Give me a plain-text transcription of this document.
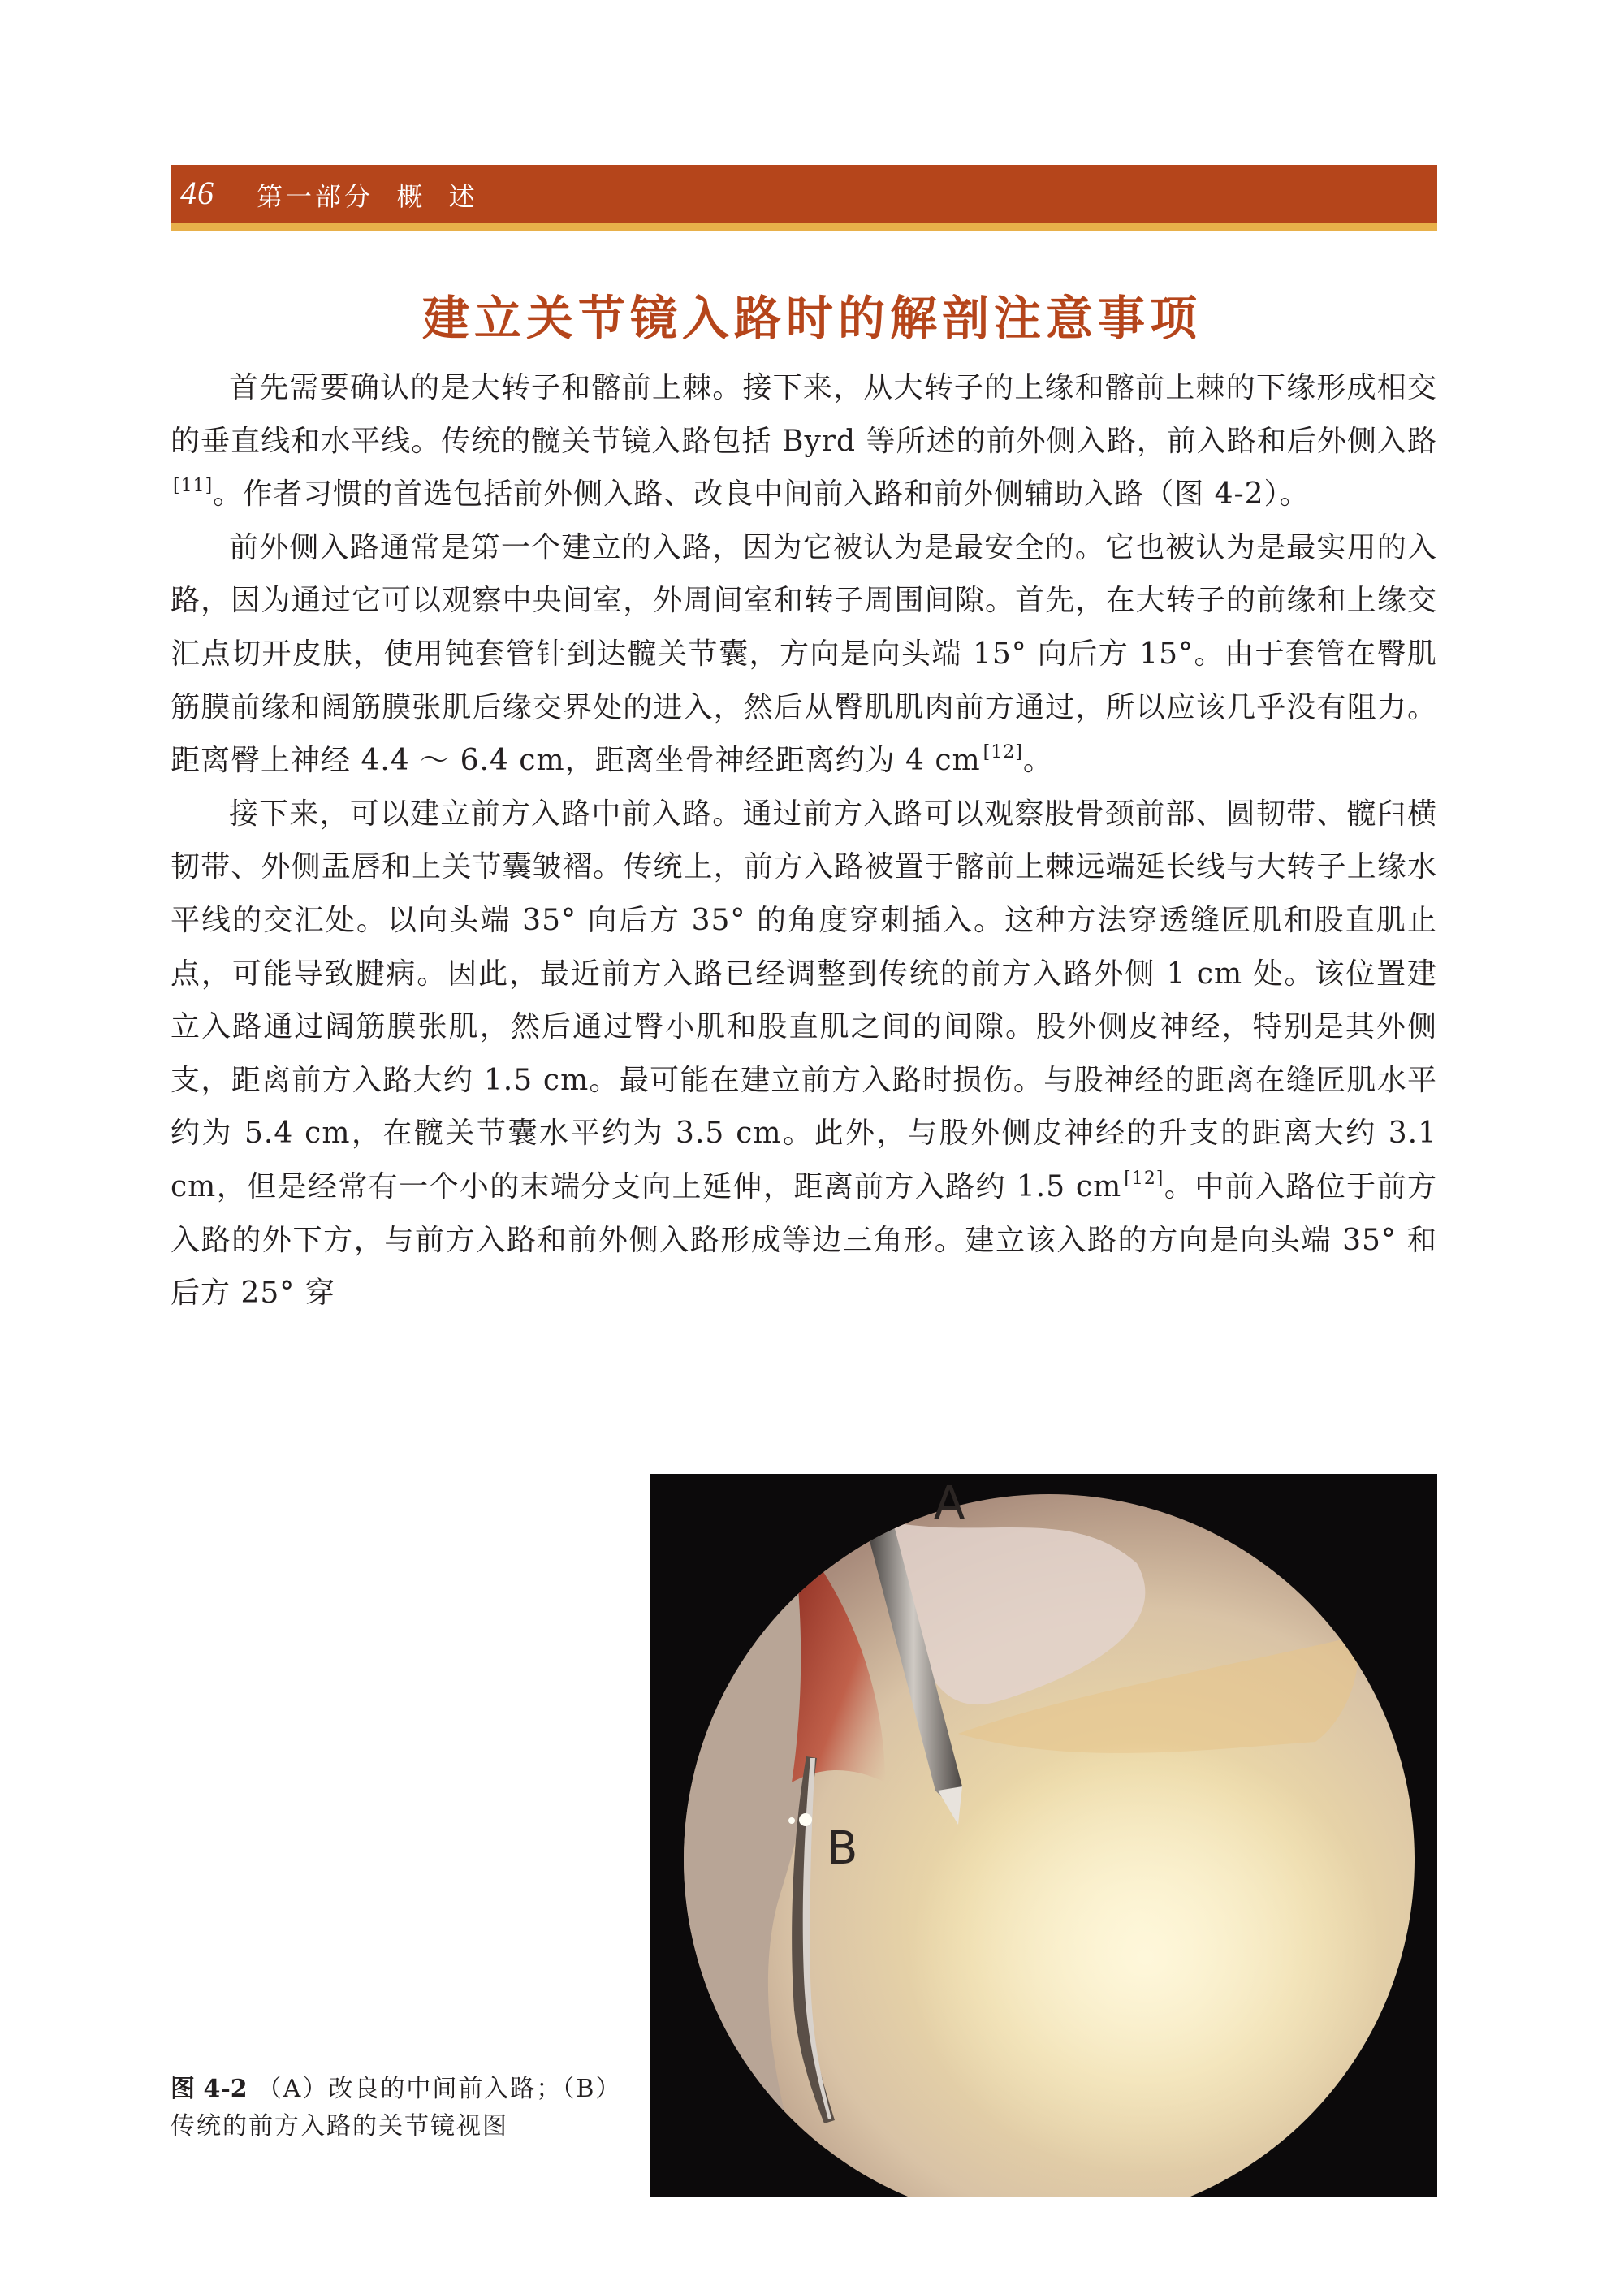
46 第一部分  概  述
建立关节镜入路时的解剖注意事项

首先需要确认的是大转子和髂前上棘。接下来，从大转子的上缘和髂前上棘的下缘形成相交的垂直线和水平线。传统的髋关节镜入路包括 Byrd 等所述的前外侧入路，前入路和后外侧入路[11]。作者习惯的首选包括前外侧入路、改良中间前入路和前外侧辅助入路（图 4-2）。

前外侧入路通常是第一个建立的入路，因为它被认为是最安全的。它也被认为是最实用的入路，因为通过它可以观察中央间室，外周间室和转子周围间隙。首先，在大转子的前缘和上缘交汇点切开皮肤，使用钝套管针到达髋关节囊，方向是向头端 15° 向后方 15°。由于套管在臀肌筋膜前缘和阔筋膜张肌后缘交界处的进入，然后从臀肌肌肉前方通过，所以应该几乎没有阻力。距离臀上神经 4.4 ～ 6.4 cm，距离坐骨神经距离约为 4 cm [12]。

接下来，可以建立前方入路中前入路。通过前方入路可以观察股骨颈前部、圆韧带、髋臼横韧带、外侧盂唇和上关节囊皱褶。传统上，前方入路被置于髂前上棘远端延长线与大转子上缘水平线的交汇处。以向头端 35° 向后方 35° 的角度穿刺插入。这种方法穿透缝匠肌和股直肌止点，可能导致腱病。因此，最近前方入路已经调整到传统的前方入路外侧 1 cm 处。该位置建立入路通过阔筋膜张肌，然后通过臀小肌和股直肌之间的间隙。股外侧皮神经，特别是其外侧支，距离前方入路大约 1.5 cm。最可能在建立前方入路时损伤。与股神经的距离在缝匠肌水平约为 5.4 cm，在髋关节囊水平约为 3.5 cm。此外，与股外侧皮神经的升支的距离大约 3.1 cm，但是经常有一个小的末端分支向上延伸，距离前方入路约 1.5 cm [12]。中前入路位于前方入路的外下方，与前方入路和前外侧入路形成等边三角形。建立该入路的方向是向头端 35° 和后方 25° 穿

A
B
图 4-2 （A）改良的中间前入路；（B）传统的前方入路的关节镜视图
